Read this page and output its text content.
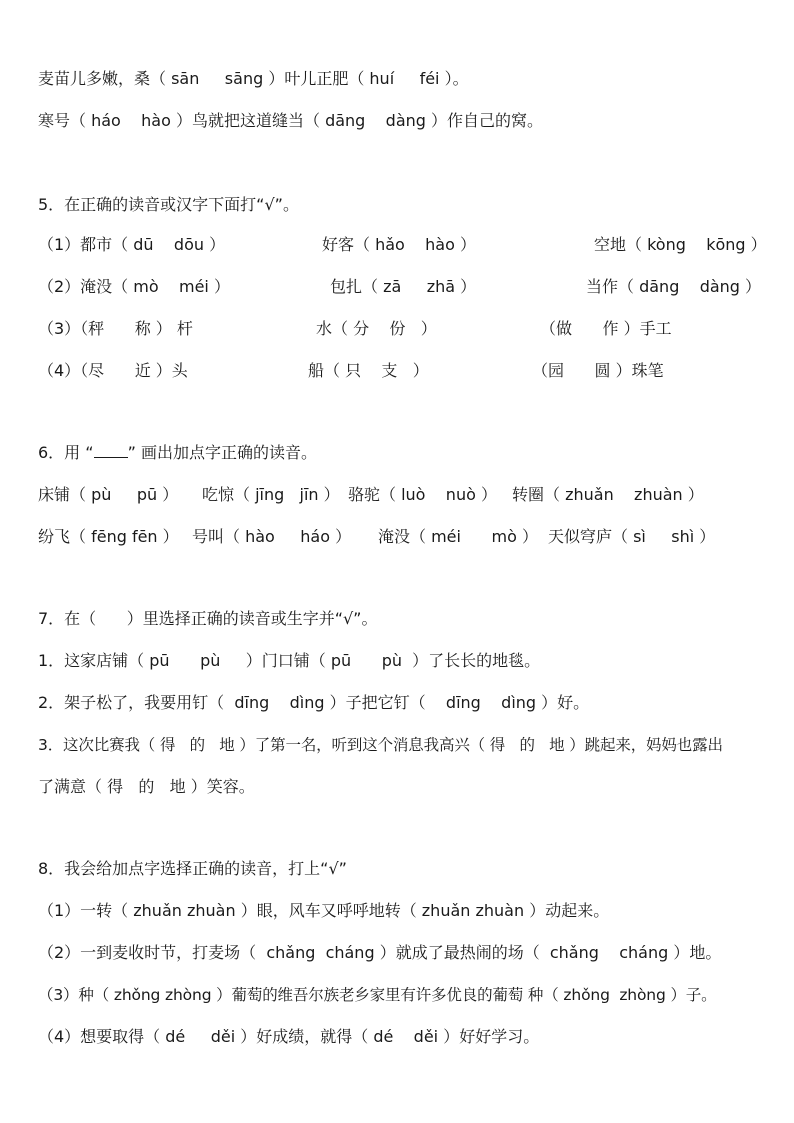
麦苗儿多嫩，桑（ sān     sāng ）叶儿正肥（ huí     féi ）。
寒号（ háo    hào ）鸟就把这道缝当（ dāng    dàng ）作自己的窝。
5．在正确的读音或汉字下面打“√”。
（1）都市（ dū    dōu ）	好客（ hǎo    hào ）	空地（ kòng    kōng ）
（2）淹没（ mò    méi ）	包扎（ zā     zhā ）	当作（ dāng    dàng ）
（3）（秤      称 ） 杆	水（ 分    份   ）	（做      作 ）手工
（4）（尽      近 ）头	船（ 只    支   ）	（园      圆 ）珠笔
6．用 “ ” 画出加点字正确的读音。
床铺（ pù     pū ） 吃惊（ jīng   jīn ） 骆驼（ luò    nuò ） 转圈（ zhuǎn    zhuàn ）
纷飞（ fēng fēn ） 号叫（ hào     háo ） 淹没（ méi      mò ） 天似穹庐（ sì     shì ）
7．在（      ）里选择正确的读音或生字并“√”。
1．这家店铺（ pū      pù     ）门口铺（ pū      pù  ）了长长的地毯。
2．架子松了，我要用钉（  dīng    dìng ）子把它钉（    dīng    dìng ）好。
3．这次比赛我（ 得   的   地 ）了第一名，听到这个消息我高兴（ 得   的   地 ）跳起来，妈妈也露出
了满意（ 得   的   地 ）笑容。
8．我会给加点字选择正确的读音，打上“√”
（1）一转（ zhuǎn zhuàn ）眼，风车又呼呼地转（ zhuǎn zhuàn ）动起来。
（2）一到麦收时节，打麦场（  chǎng  cháng ）就成了最热闹的场（  chǎng    cháng ）地。
（3）种（ zhǒng zhòng ）葡萄的维吾尔族老乡家里有许多优良的葡萄 种（ zhǒng  zhòng ）子。
（4）想要取得（ dé     děi ）好成绩，就得（ dé    děi ）好好学习。
